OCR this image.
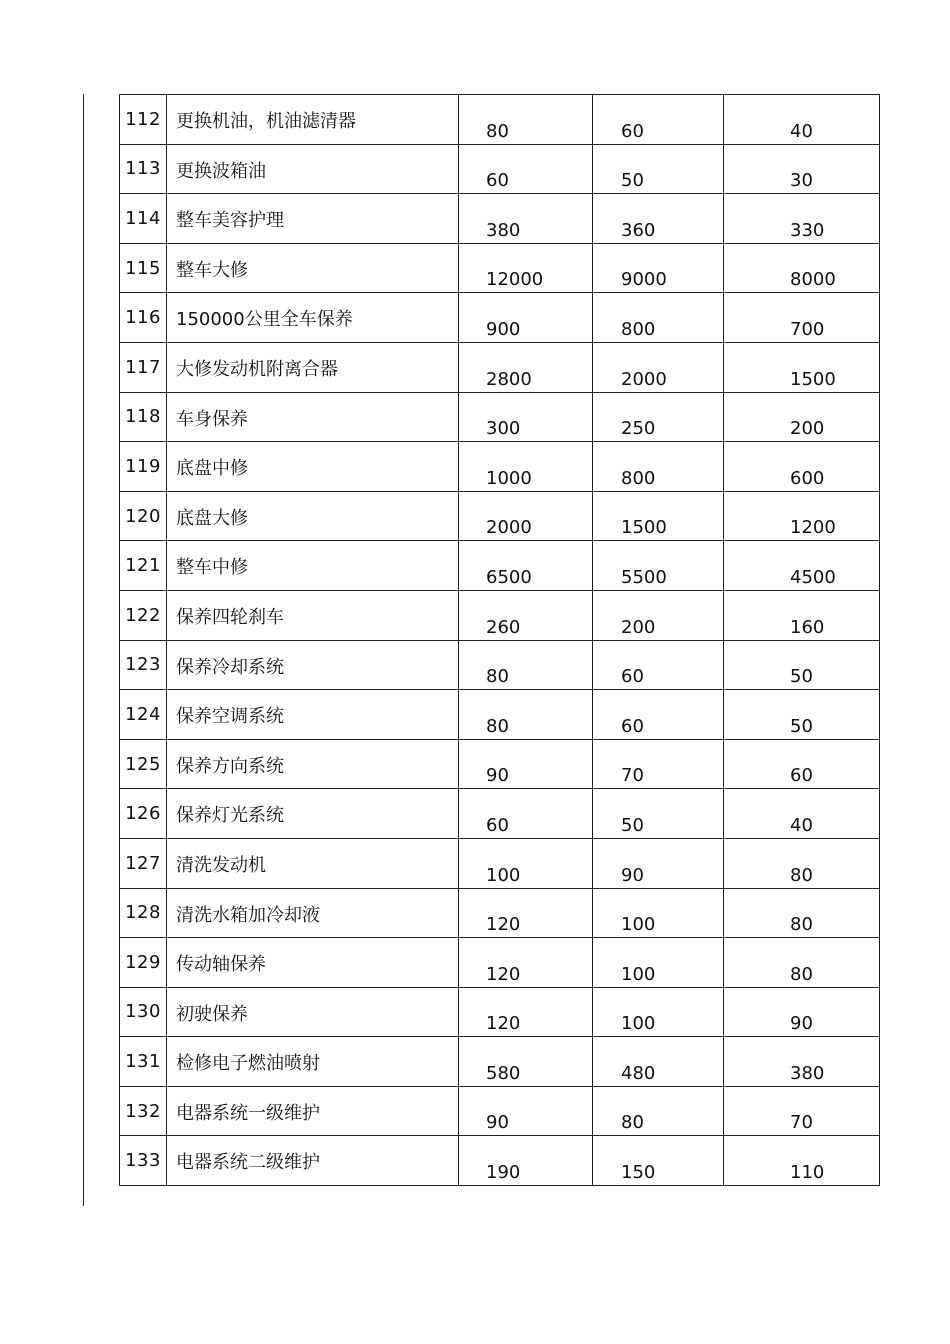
112	更换机油，机油滤清器	80	60	40

113	更换波箱油	60	50	30

114	整车美容护理	380	360	330

115	整车大修	12000	9000	8000

116	150000公里全车保养	900	800	700

117	大修发动机附离合器	2800	2000	1500

118	车身保养	300	250	200

119	底盘中修	1000	800	600

120	底盘大修	2000	1500	1200

121	整车中修	6500	5500	4500

122	保养四轮刹车	260	200	160

123	保养冷却系统	80	60	50

124	保养空调系统	80	60	50

125	保养方向系统	90	70	60

126	保养灯光系统	60	50	40

127	清洗发动机	100	90	80

128	清洗水箱加冷却液	120	100	80

129	传动轴保养	120	100	80

130	初驶保养	120	100	90

131	检修电子燃油喷射	580	480	380

132	电器系统一级维护	90	80	70

133	电器系统二级维护	190	150	110
